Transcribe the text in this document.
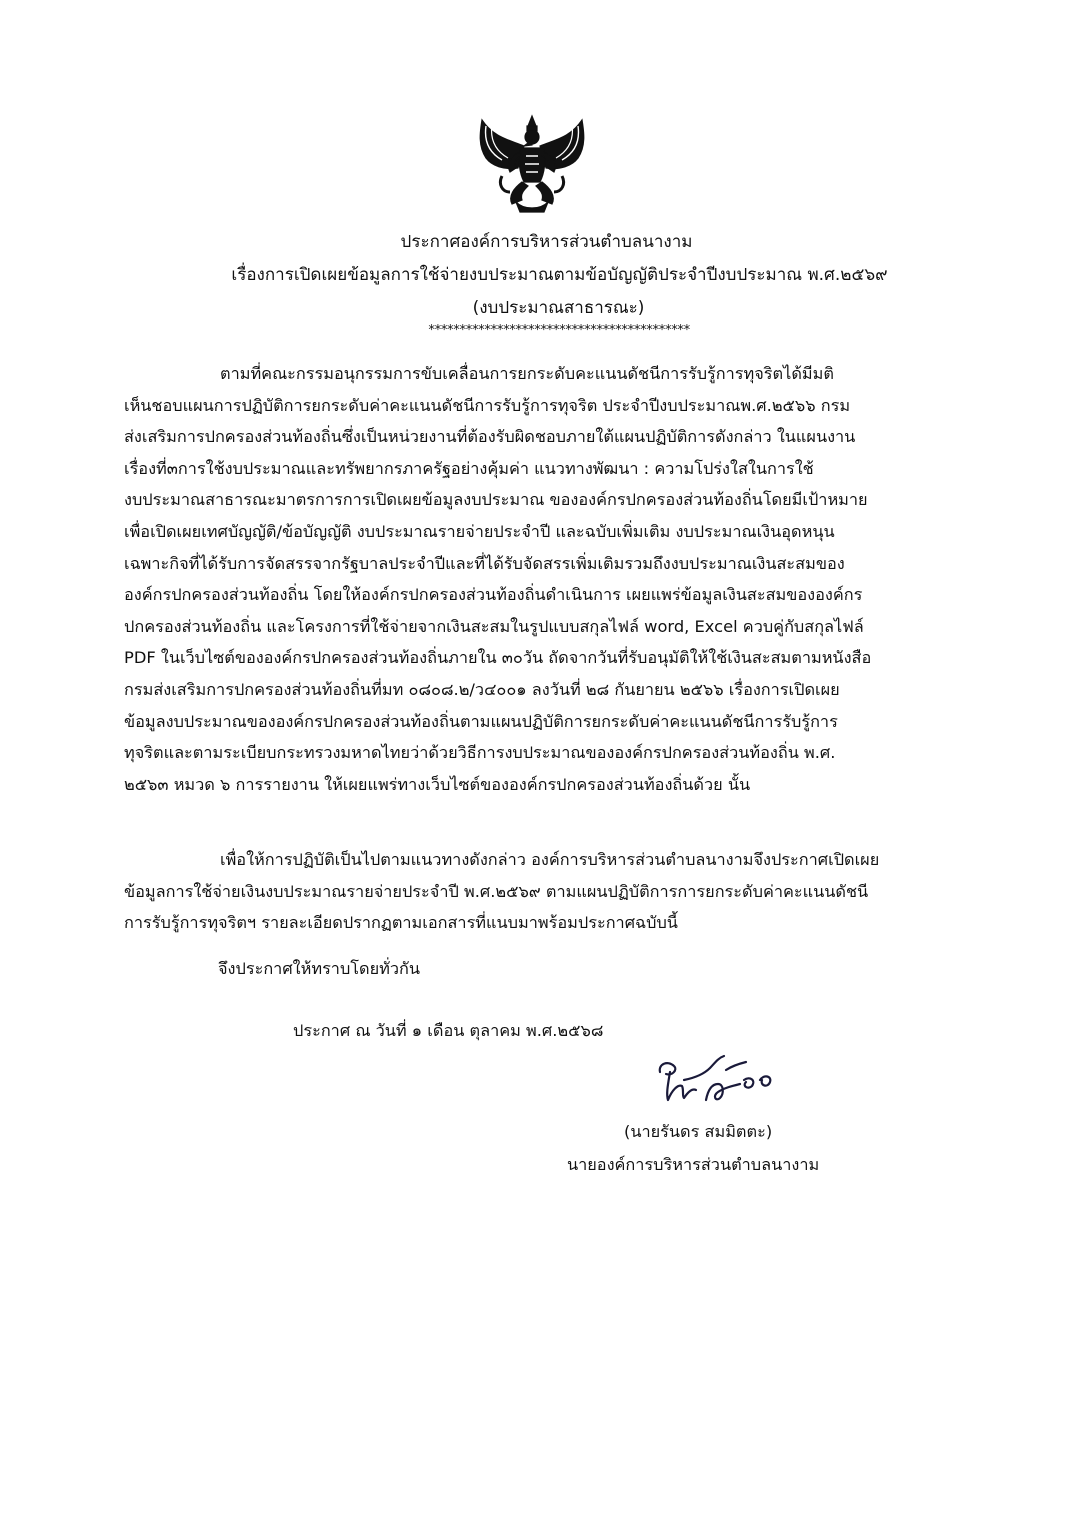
ประกาศองค์การบริหารส่วนตำบลนางาม
เรื่องการเปิดเผยข้อมูลการใช้จ่ายงบประมาณตามข้อบัญญัติประจำปีงบประมาณ พ.ศ.๒๕๖๙
(งบประมาณสาธารณะ)
******************************************
ตามที่คณะกรรมอนุกรรมการขับเคลื่อนการยกระดับคะแนนดัชนีการรับรู้การทุจริตได้มีมติ
เห็นชอบแผนการปฏิบัติการยกระดับค่าคะแนนดัชนีการรับรู้การทุจริต ประจำปีงบประมาณพ.ศ.๒๕๖๖ กรม
ส่งเสริมการปกครองส่วนท้องถิ่นซึ่งเป็นหน่วยงานที่ต้องรับผิดชอบภายใต้แผนปฏิบัติการดังกล่าว ในแผนงาน
เรื่องที่๓การใช้งบประมาณและทรัพยากรภาครัฐอย่างคุ้มค่า แนวทางพัฒนา : ความโปร่งใสในการใช้
งบประมาณสาธารณะมาตรการการเปิดเผยข้อมูลงบประมาณ ขององค์กรปกครองส่วนท้องถิ่นโดยมีเป้าหมาย
เพื่อเปิดเผยเทศบัญญัติ/ข้อบัญญัติ งบประมาณรายจ่ายประจำปี และฉบับเพิ่มเติม งบประมาณเงินอุดหนุน
เฉพาะกิจที่ได้รับการจัดสรรจากรัฐบาลประจำปีและที่ได้รับจัดสรรเพิ่มเติมรวมถึงงบประมาณเงินสะสมของ
องค์กรปกครองส่วนท้องถิ่น โดยให้องค์กรปกครองส่วนท้องถิ่นดำเนินการ เผยแพร่ข้อมูลเงินสะสมขององค์กร
ปกครองส่วนท้องถิ่น และโครงการที่ใช้จ่ายจากเงินสะสมในรูปแบบสกุลไฟล์ word, Excel ควบคู่กับสกุลไฟล์
PDF ในเว็บไซต์ขององค์กรปกครองส่วนท้องถิ่นภายใน ๓๐วัน ถัดจากวันที่รับอนุมัติให้ใช้เงินสะสมตามหนังสือ
กรมส่งเสริมการปกครองส่วนท้องถิ่นที่มท ๐๘๐๘.๒/ว๔๐๐๑ ลงวันที่ ๒๘ กันยายน ๒๕๖๖ เรื่องการเปิดเผย
ข้อมูลงบประมาณขององค์กรปกครองส่วนท้องถิ่นตามแผนปฏิบัติการยกระดับค่าคะแนนดัชนีการรับรู้การ
ทุจริตและตามระเบียบกระทรวงมหาดไทยว่าด้วยวิธีการงบประมาณขององค์กรปกครองส่วนท้องถิ่น พ.ศ.
๒๕๖๓ หมวด ๖ การรายงาน ให้เผยแพร่ทางเว็บไซต์ขององค์กรปกครองส่วนท้องถิ่นด้วย นั้น
เพื่อให้การปฏิบัติเป็นไปตามแนวทางดังกล่าว องค์การบริหารส่วนตำบลนางามจึงประกาศเปิดเผย
ข้อมูลการใช้จ่ายเงินงบประมาณรายจ่ายประจำปี พ.ศ.๒๕๖๙ ตามแผนปฏิบัติการการยกระดับค่าคะแนนดัชนี
การรับรู้การทุจริตฯ รายละเอียดปรากฏตามเอกสารที่แนบมาพร้อมประกาศฉบับนี้
จึงประกาศให้ทราบโดยทั่วกัน
ประกาศ ณ วันที่ ๑ เดือน ตุลาคม พ.ศ.๒๕๖๘
(นายรันดร สมมิตตะ)
นายองค์การบริหารส่วนตำบลนางาม
